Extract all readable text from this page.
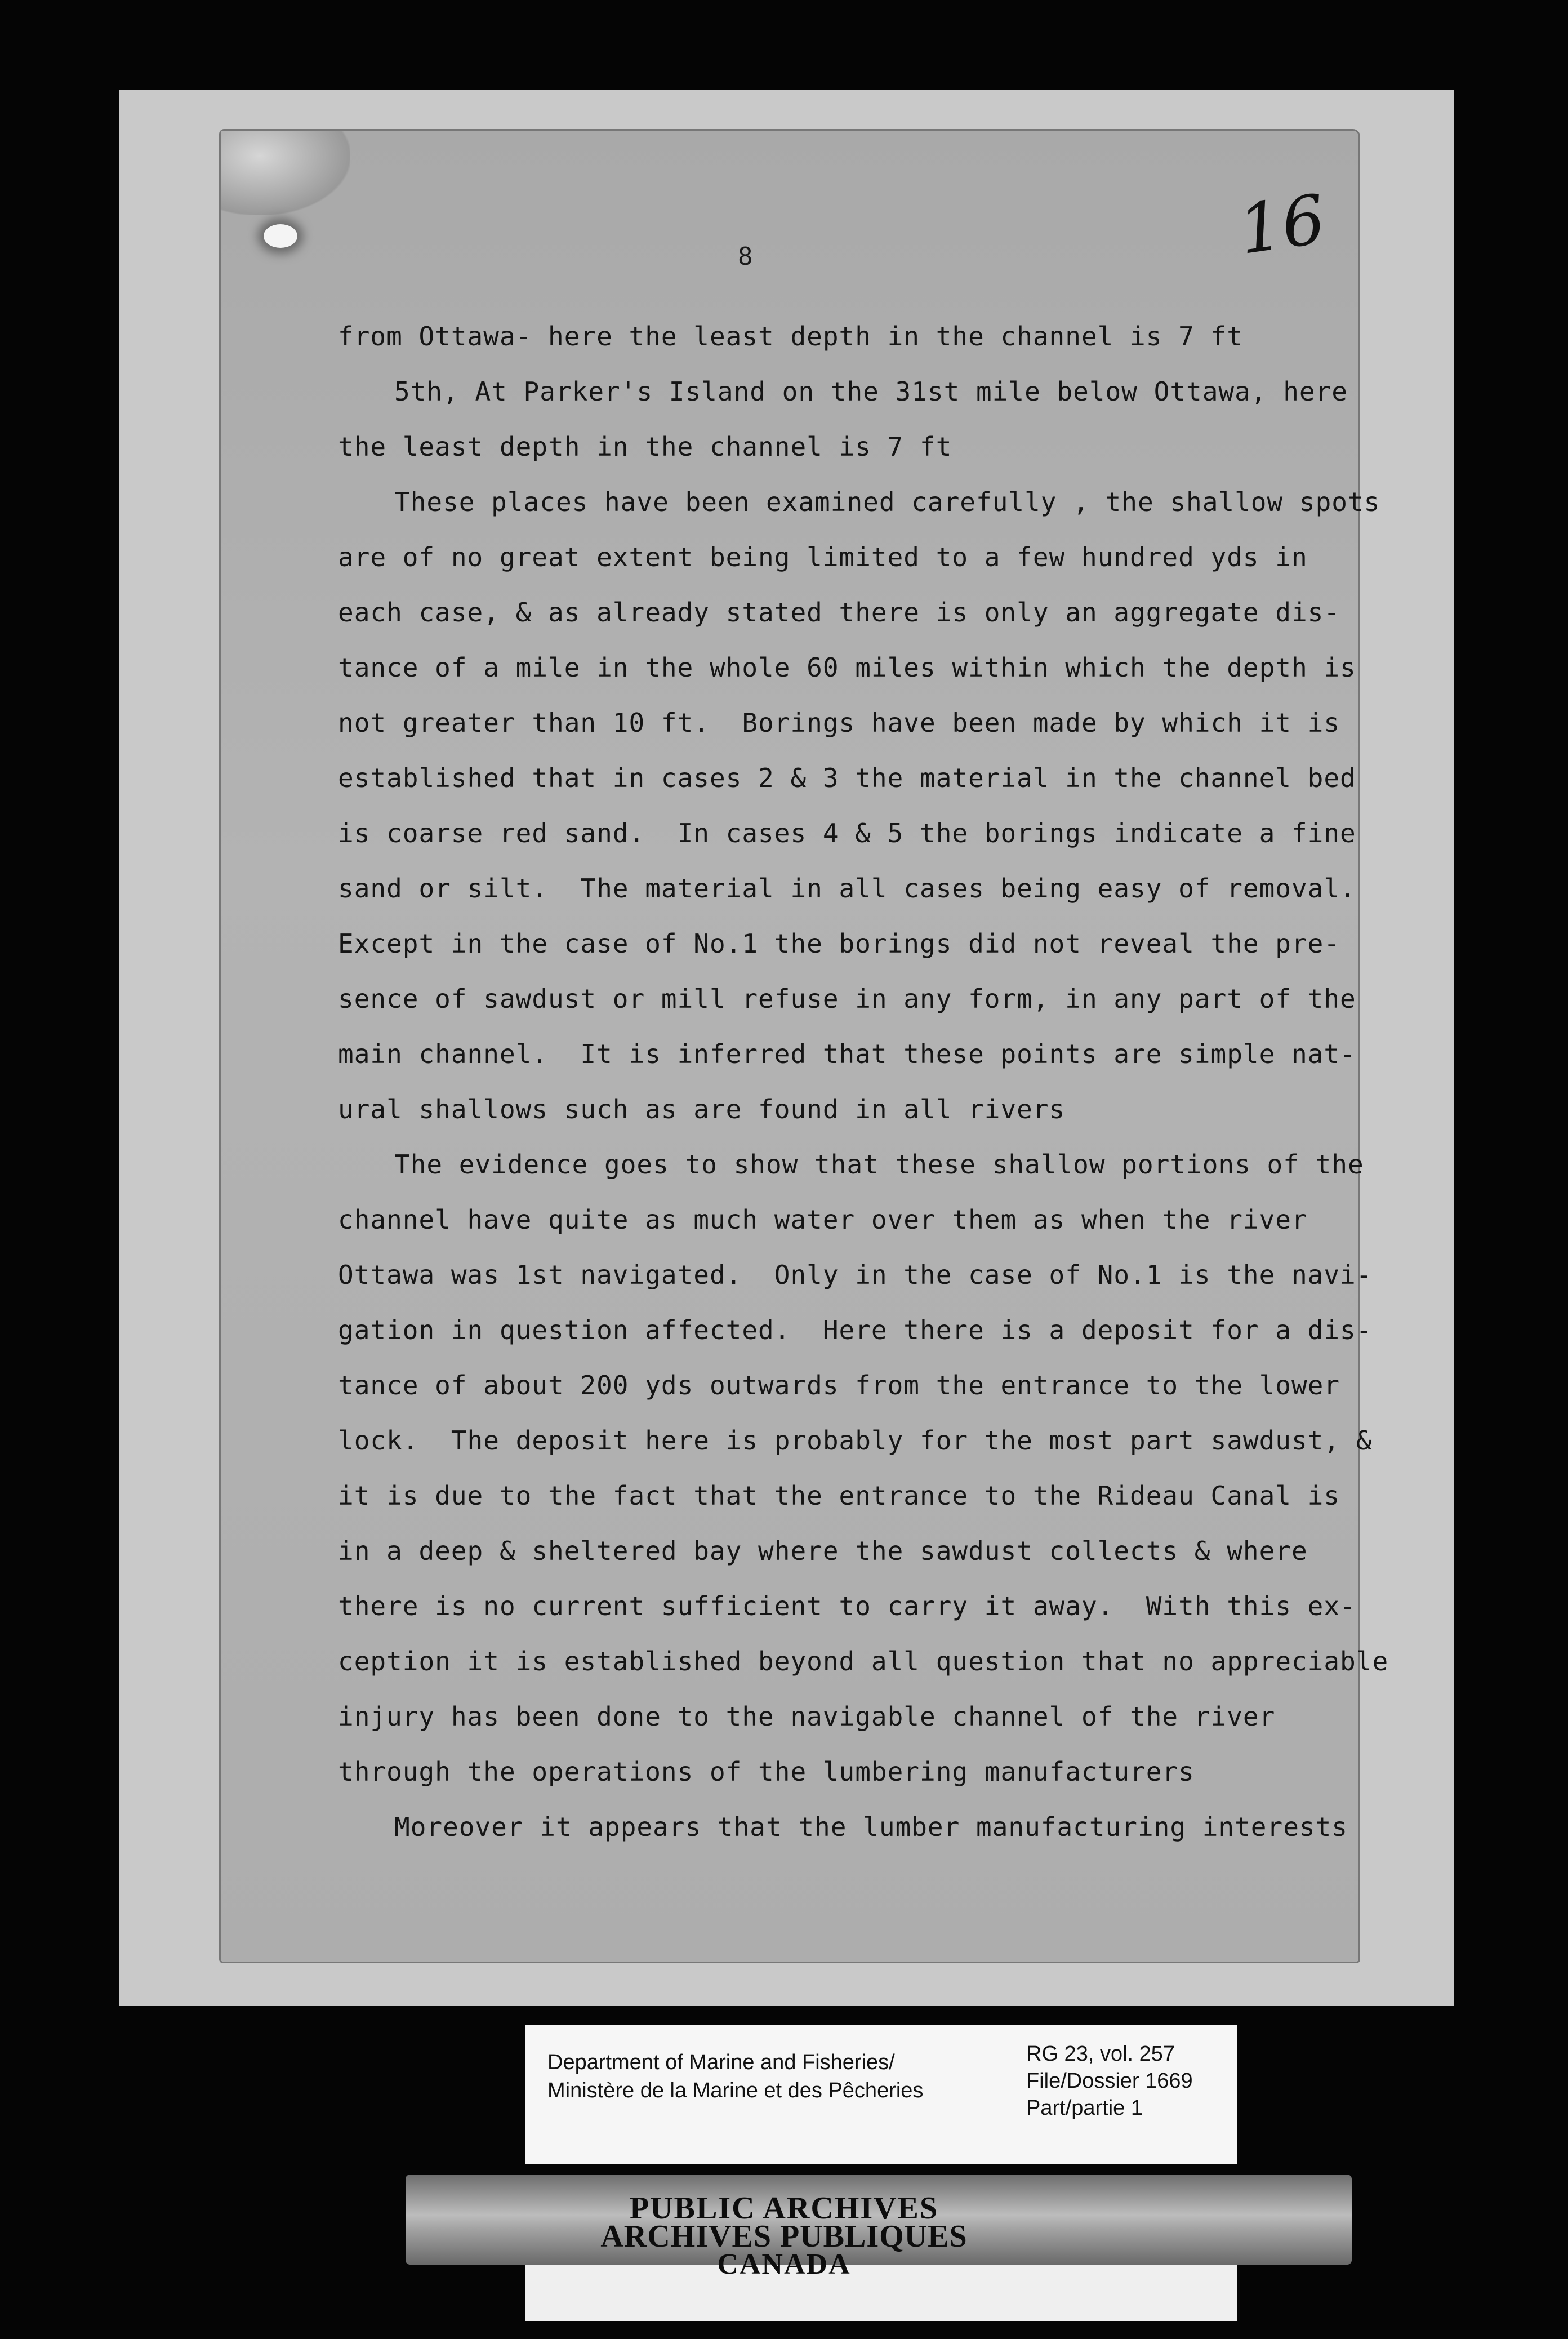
16
8
from Ottawa- here the least depth in the channel is 7 ft
5th, At Parker's Island on the 31st mile below Ottawa, here
the least depth in the channel is 7 ft
These places have been examined carefully , the shallow spots
are of no great extent being limited to a few hundred yds in
each case, & as already stated there is only an aggregate dis-
tance of a mile in the whole 60 miles within which the depth is
not greater than 10 ft.  Borings have been made by which it is
established that in cases 2 & 3 the material in the channel bed
is coarse red sand.  In cases 4 & 5 the borings indicate a fine
sand or silt.  The material in all cases being easy of removal.
Except in the case of No.1 the borings did not reveal the pre-
sence of sawdust or mill refuse in any form, in any part of the
main channel.  It is inferred that these points are simple nat-
ural shallows such as are found in all rivers
The evidence goes to show that these shallow portions of the
channel have quite as much water over them as when the river
Ottawa was 1st navigated.  Only in the case of No.1 is the navi-
gation in question affected.  Here there is a deposit for a dis-
tance of about 200 yds outwards from the entrance to the lower
lock.  The deposit here is probably for the most part sawdust, &
it is due to the fact that the entrance to the Rideau Canal is
in a deep & sheltered bay where the sawdust collects & where
there is no current sufficient to carry it away.  With this ex-
ception it is established beyond all question that no appreciable
injury has been done to the navigable channel of the river
through the operations of the lumbering manufacturers
Moreover it appears that the lumber manufacturing interests
Department of Marine and Fisheries/
Ministère de la Marine et des Pêcheries
RG 23, vol. 257
File/Dossier 1669
Part/partie 1
PUBLIC ARCHIVES
ARCHIVES PUBLIQUES
CANADA
